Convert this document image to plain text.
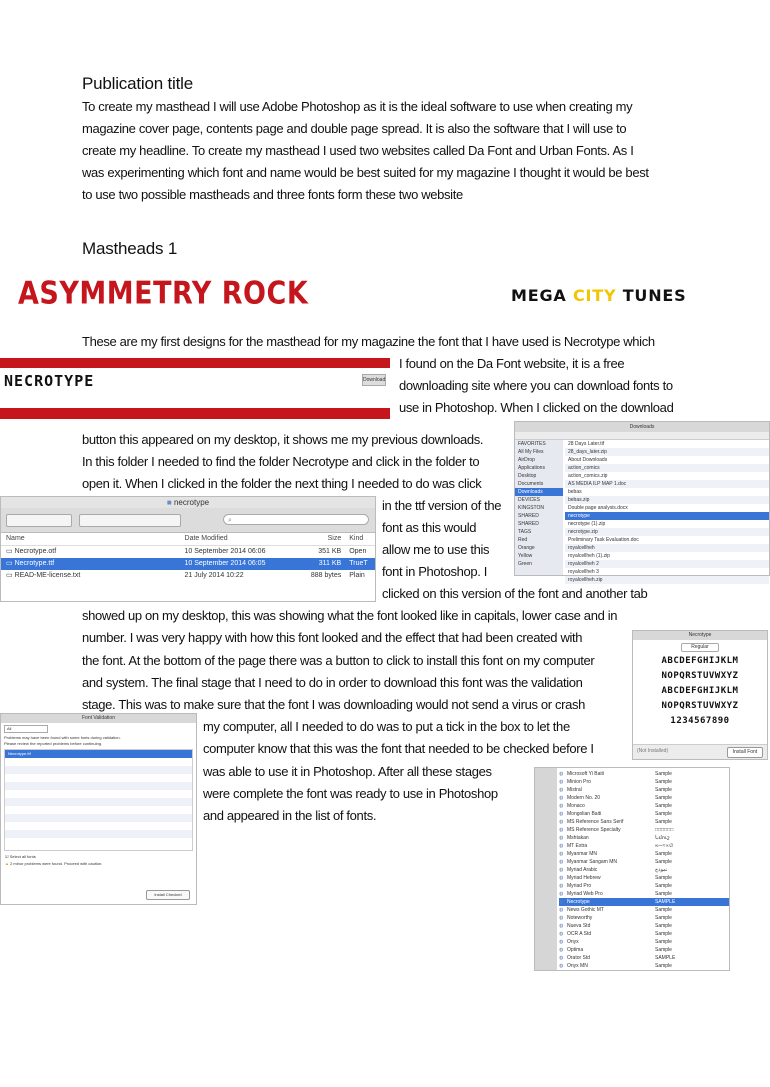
Publication title
To create my masthead I will use Adobe Photoshop as it is the ideal software to use when creating my
magazine cover page, contents page and double page spread. It is also the software that I will use to
create my headline. To create my masthead I used two websites called Da Font and Urban Fonts. As I
was experimenting which font and name would be best suited for my magazine I thought it would be best
to use two possible mastheads and three fonts form these two website
Mastheads 1
ASYMMETRY ROCK	MEGA CITY TUNES
These are my first designs for the masthead for my magazine the font that I have used is Necrotype which
I found on the Da Font website, it is a free
downloading site where you can download fonts to
use in Photoshop. When I clicked on the download
button this appeared on my desktop, it shows me my previous downloads.
In this folder I needed to find the folder Necrotype and click in the folder to
open it. When I clicked in the folder the next thing I needed to do was click
in the ttf version of the
font as this would
allow me to use this
font in Photoshop. I
clicked on this version of the font and another tab
showed up on my desktop, this was showing what the font looked like in capitals, lower case and in
number. I was very happy with how this font looked and the effect that had been created with
the font. At the bottom of the page there was a button to click to install this font on my computer
and system. The final stage that I need to do in order to download this font was the validation
stage. This was to make sure that the font I was downloading would not send a virus or crash
my computer, all I needed to do was to put a tick in the box to let the
computer know that this was the font that needed to be checked before I
was able to use it in Photoshop. After all these stages
were complete the font was ready to use in Photoshop
and appeared in the list of fonts.
NECROTYPE	Download
Downloads
FAVORITES
All My Files
AirDrop
Applications
Desktop
Documents
Downloads
DEVICES
KINGSTON
SHARED
SHARED
TAGS
Red
Orange
Yellow
Green
28 Days Later.tif
28_days_later.zip
About Downloads
action_comics
action_comics.zip
AS MEDIA ILP MAP 1.doc
bebas
bebas.zip
Double page analysis.docx
necrotype
necrotype (1).zip
necrotype.zip
Preliminary Task Evaluation.doc
royalcellheh
royalcellheh (1).zip
royalcellheh 2
royalcellheh 3
royalcellheh.zip
■ necrotype
⌕
Name	Date Modified	Size	Kind
▭ Necrotype.otf	10 September 2014 06:06	351 KB	Open
▭ Necrotype.ttf	10 September 2014 06:05	311 KB	TrueT
▭ READ-ME-license.txt	21 July 2014 10:22	888 bytes	Plain
Necrotype
Regular
ABCDEFGHIJKLM
NOPQRSTUVWXYZ
ABCDEFGHIJKLM
NOPQRSTUVWXYZ
1234567890
(Not Installed)	Install Font
Font Validation
All
Problems may have been found with some fonts during validation.
Please review the reported problems before continuing.
Necrotype.ttf
☑ Select all fonts
▲ 2 minor problems were found. Proceed with caution.
Install Checked
◍ Microsoft Yi Baiti	Sample
◍ Minion Pro	Sample
◍ Mistral	Sample
◍ Modern No. 20	Sample
◍ Monaco	Sample
◍ Mongolian Baiti	Sample
◍ MS Reference Sans Serif	Sample
◍ MS Reference Specialty	□□□□□□
◍ Mshtakan	Նմուշ
◍ MT Extra	∞∼≈∝∅
◍ Myanmar MN	Sample
◍ Myanmar Sangam MN	Sample
◍ Myriad Arabic	نموذج
◍ Myriad Hebrew	Sample
◍ Myriad Pro	Sample
◍ Myriad Web Pro	Sample
◍ Necrotype	SAMPLE
◍ News Gothic MT	Sample
◍ Noteworthy	Sample
◍ Nueva Std	Sample
◍ OCR A Std	Sample
◍ Onyx	Sample
◍ Optima	Sample
◍ Orator Std	SAMPLE
◍ Onyx MN	Sample
